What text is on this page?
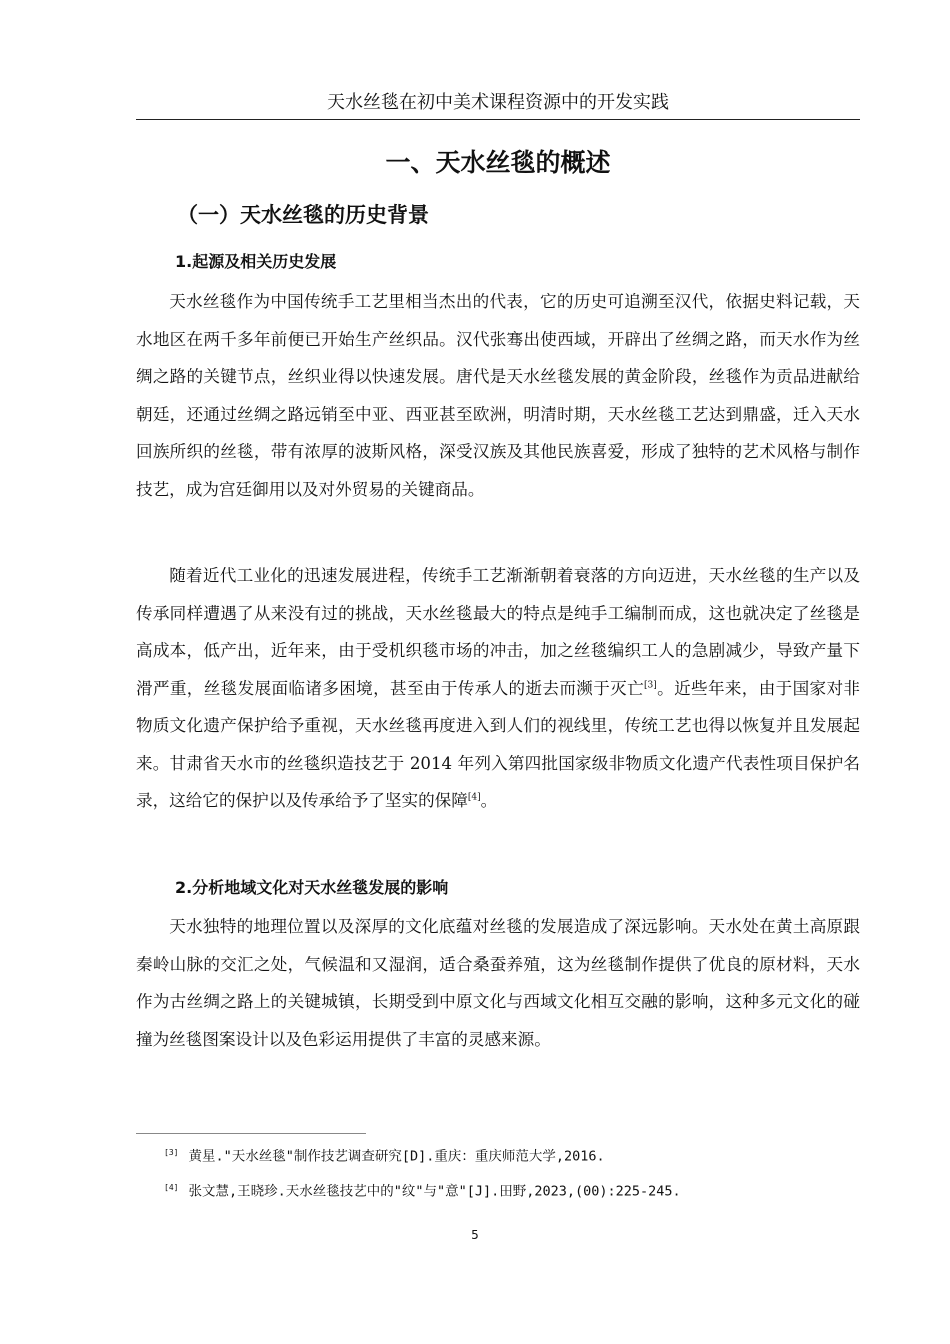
天水丝毯在初中美术课程资源中的开发实践
一、天水丝毯的概述
（一）天水丝毯的历史背景
1.起源及相关历史发展

天水丝毯作为中国传统手工艺里相当杰出的代表，它的历史可追溯至汉代，依据史料记载，天水地区在两千多年前便已开始生产丝织品。汉代张骞出使西域，开辟出了丝绸之路，而天水作为丝绸之路的关键节点，丝织业得以快速发展。唐代是天水丝毯发展的黄金阶段，丝毯作为贡品进献给朝廷，还通过丝绸之路远销至中亚、西亚甚至欧洲，明清时期，天水丝毯工艺达到鼎盛，迁入天水回族所织的丝毯，带有浓厚的波斯风格，深受汉族及其他民族喜爱，形成了独特的艺术风格与制作技艺，成为宫廷御用以及对外贸易的关键商品。

随着近代工业化的迅速发展进程，传统手工艺渐渐朝着衰落的方向迈进，天水丝毯的生产以及传承同样遭遇了从来没有过的挑战，天水丝毯最大的特点是纯手工编制而成，这也就决定了丝毯是高成本，低产出，近年来，由于受机织毯市场的冲击，加之丝毯编织工人的急剧减少，导致产量下滑严重，丝毯发展面临诸多困境，甚至由于传承人的逝去而濒于灭亡[3]。近些年来，由于国家对非物质文化遗产保护给予重视，天水丝毯再度进入到人们的视线里，传统工艺也得以恢复并且发展起来。甘肃省天水市的丝毯织造技艺于 2014 年列入第四批国家级非物质文化遗产代表性项目保护名录，这给它的保护以及传承给予了坚实的保障[4]。

2.分析地域文化对天水丝毯发展的影响

天水独特的地理位置以及深厚的文化底蕴对丝毯的发展造成了深远影响。天水处在黄土高原跟秦岭山脉的交汇之处，气候温和又湿润，适合桑蚕养殖，这为丝毯制作提供了优良的原材料，天水作为古丝绸之路上的关键城镇，长期受到中原文化与西域文化相互交融的影响，这种多元文化的碰撞为丝毯图案设计以及色彩运用提供了丰富的灵感来源。

[3] 黄星."天水丝毯"制作技艺调查研究[D].重庆：重庆师范大学,2016.
[4] 张文慧,王晓珍.天水丝毯技艺中的"纹"与"意"[J].田野,2023,(00):225-245.
5
